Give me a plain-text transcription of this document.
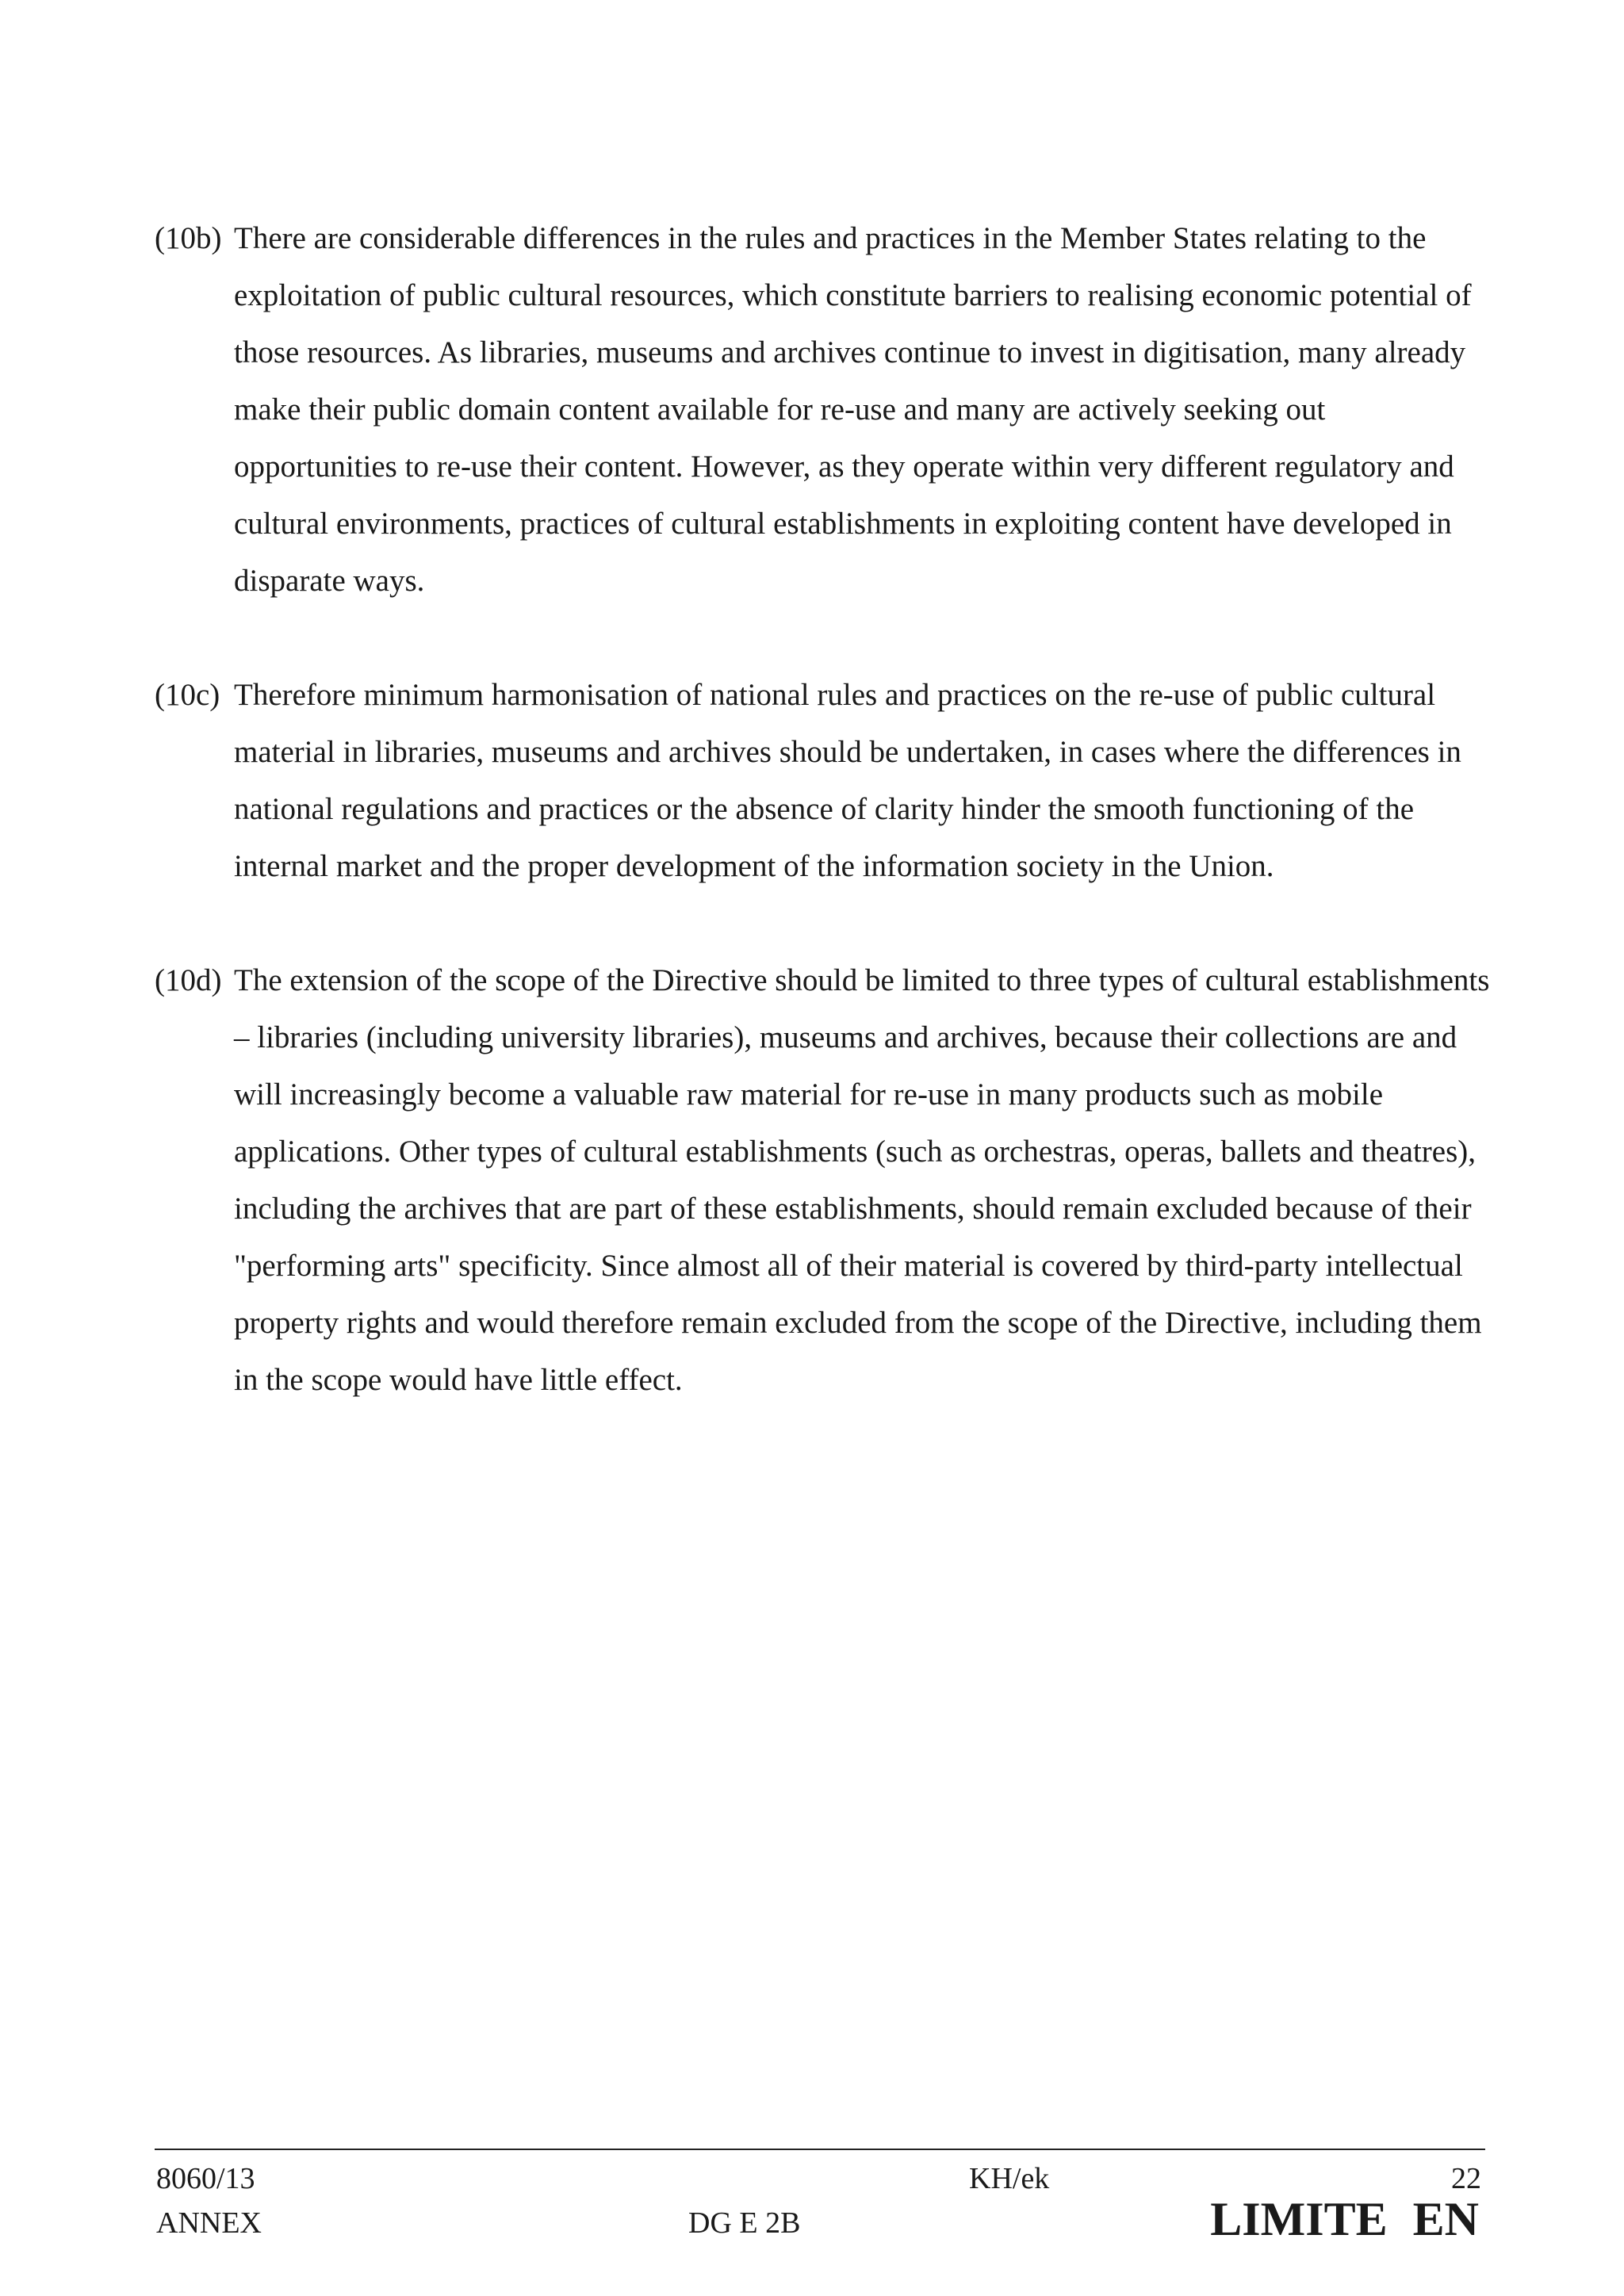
(10b) There are considerable differences in the rules and practices in the Member States relating to the exploitation of public cultural resources, which constitute barriers to realising economic potential of those resources. As libraries, museums and archives continue to invest in digitisation, many already make their public domain content available for re-use and many are actively seeking out opportunities to re-use their content. However, as they operate within very different regulatory and cultural environments, practices of cultural establishments in exploiting content have developed in disparate ways.
(10c) Therefore minimum harmonisation of national rules and practices on the re-use of public cultural material in libraries, museums and archives should be undertaken, in cases where the differences in national regulations and practices or the absence of clarity hinder the smooth functioning of the internal market and the proper development of the information society in the Union.
(10d) The extension of the scope of the Directive should be limited to three types of cultural establishments – libraries (including university libraries), museums and archives, because their collections are and will increasingly become a valuable raw material for re-use in many products such as mobile applications. Other types of cultural establishments (such as orchestras, operas, ballets and theatres), including the archives that are part of these establishments, should remain excluded because of their "performing arts" specificity. Since almost all of their material is covered by third-party intellectual property rights and would therefore remain excluded from the scope of the Directive, including them in the scope would have little effect.
8060/13
ANNEX
KH/ek
DG E 2B
22
LIMITE EN
